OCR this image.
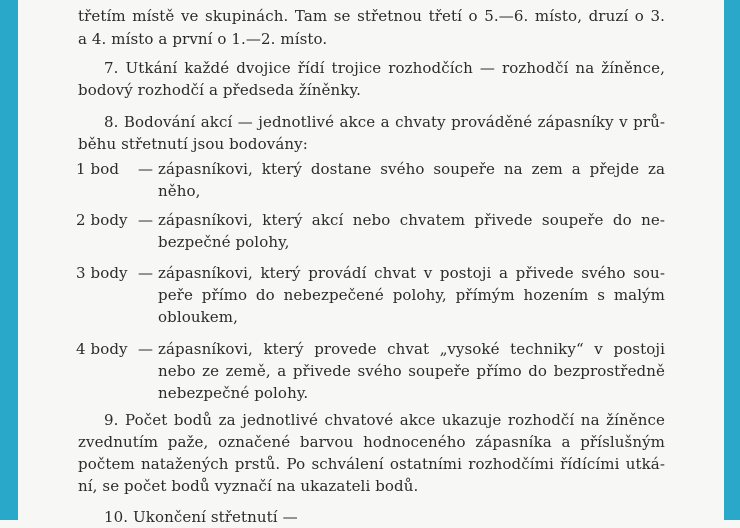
třetím místě ve skupinách. Tam se střetnou třetí o 5.—6. místo, druzí o 3.
a 4. místo a první o 1.—2. místo.
7. Utkání každé dvojice řídí trojice rozhodčích — rozhodčí na žíněnce,
bodový rozhodčí a předseda žíněnky.
8. Bodování akcí — jednotlivé akce a chvaty prováděné zápasníky v prů-
běhu střetnutí jsou bodovány:
1 bod	— zápasníkovi, který dostane svého soupeře na zem a přejde za
něho,
2 body — zápasníkovi, který akcí nebo chvatem přivede soupeře do ne-
bezpečné polohy,
3 body — zápasníkovi, který provádí chvat v postoji a přivede svého sou-
peře přímo do nebezpečené polohy, přímým hozením s malým
obloukem,
4 body — zápasníkovi, který provede chvat „vysoké techniky“ v postoji
nebo ze země, a přivede svého soupeře přímo do bezprostředně
nebezpečné polohy.
9. Počet bodů za jednotlivé chvatové akce ukazuje rozhodčí na žíněnce
zvednutím paže, označené barvou hodnoceného zápasníka a příslušným
počtem natažených prstů. Po schválení ostatními rozhodčími řídícími utká-
ní, se počet bodů vyznačí na ukazateli bodů.
10. Ukončení střetnutí —
